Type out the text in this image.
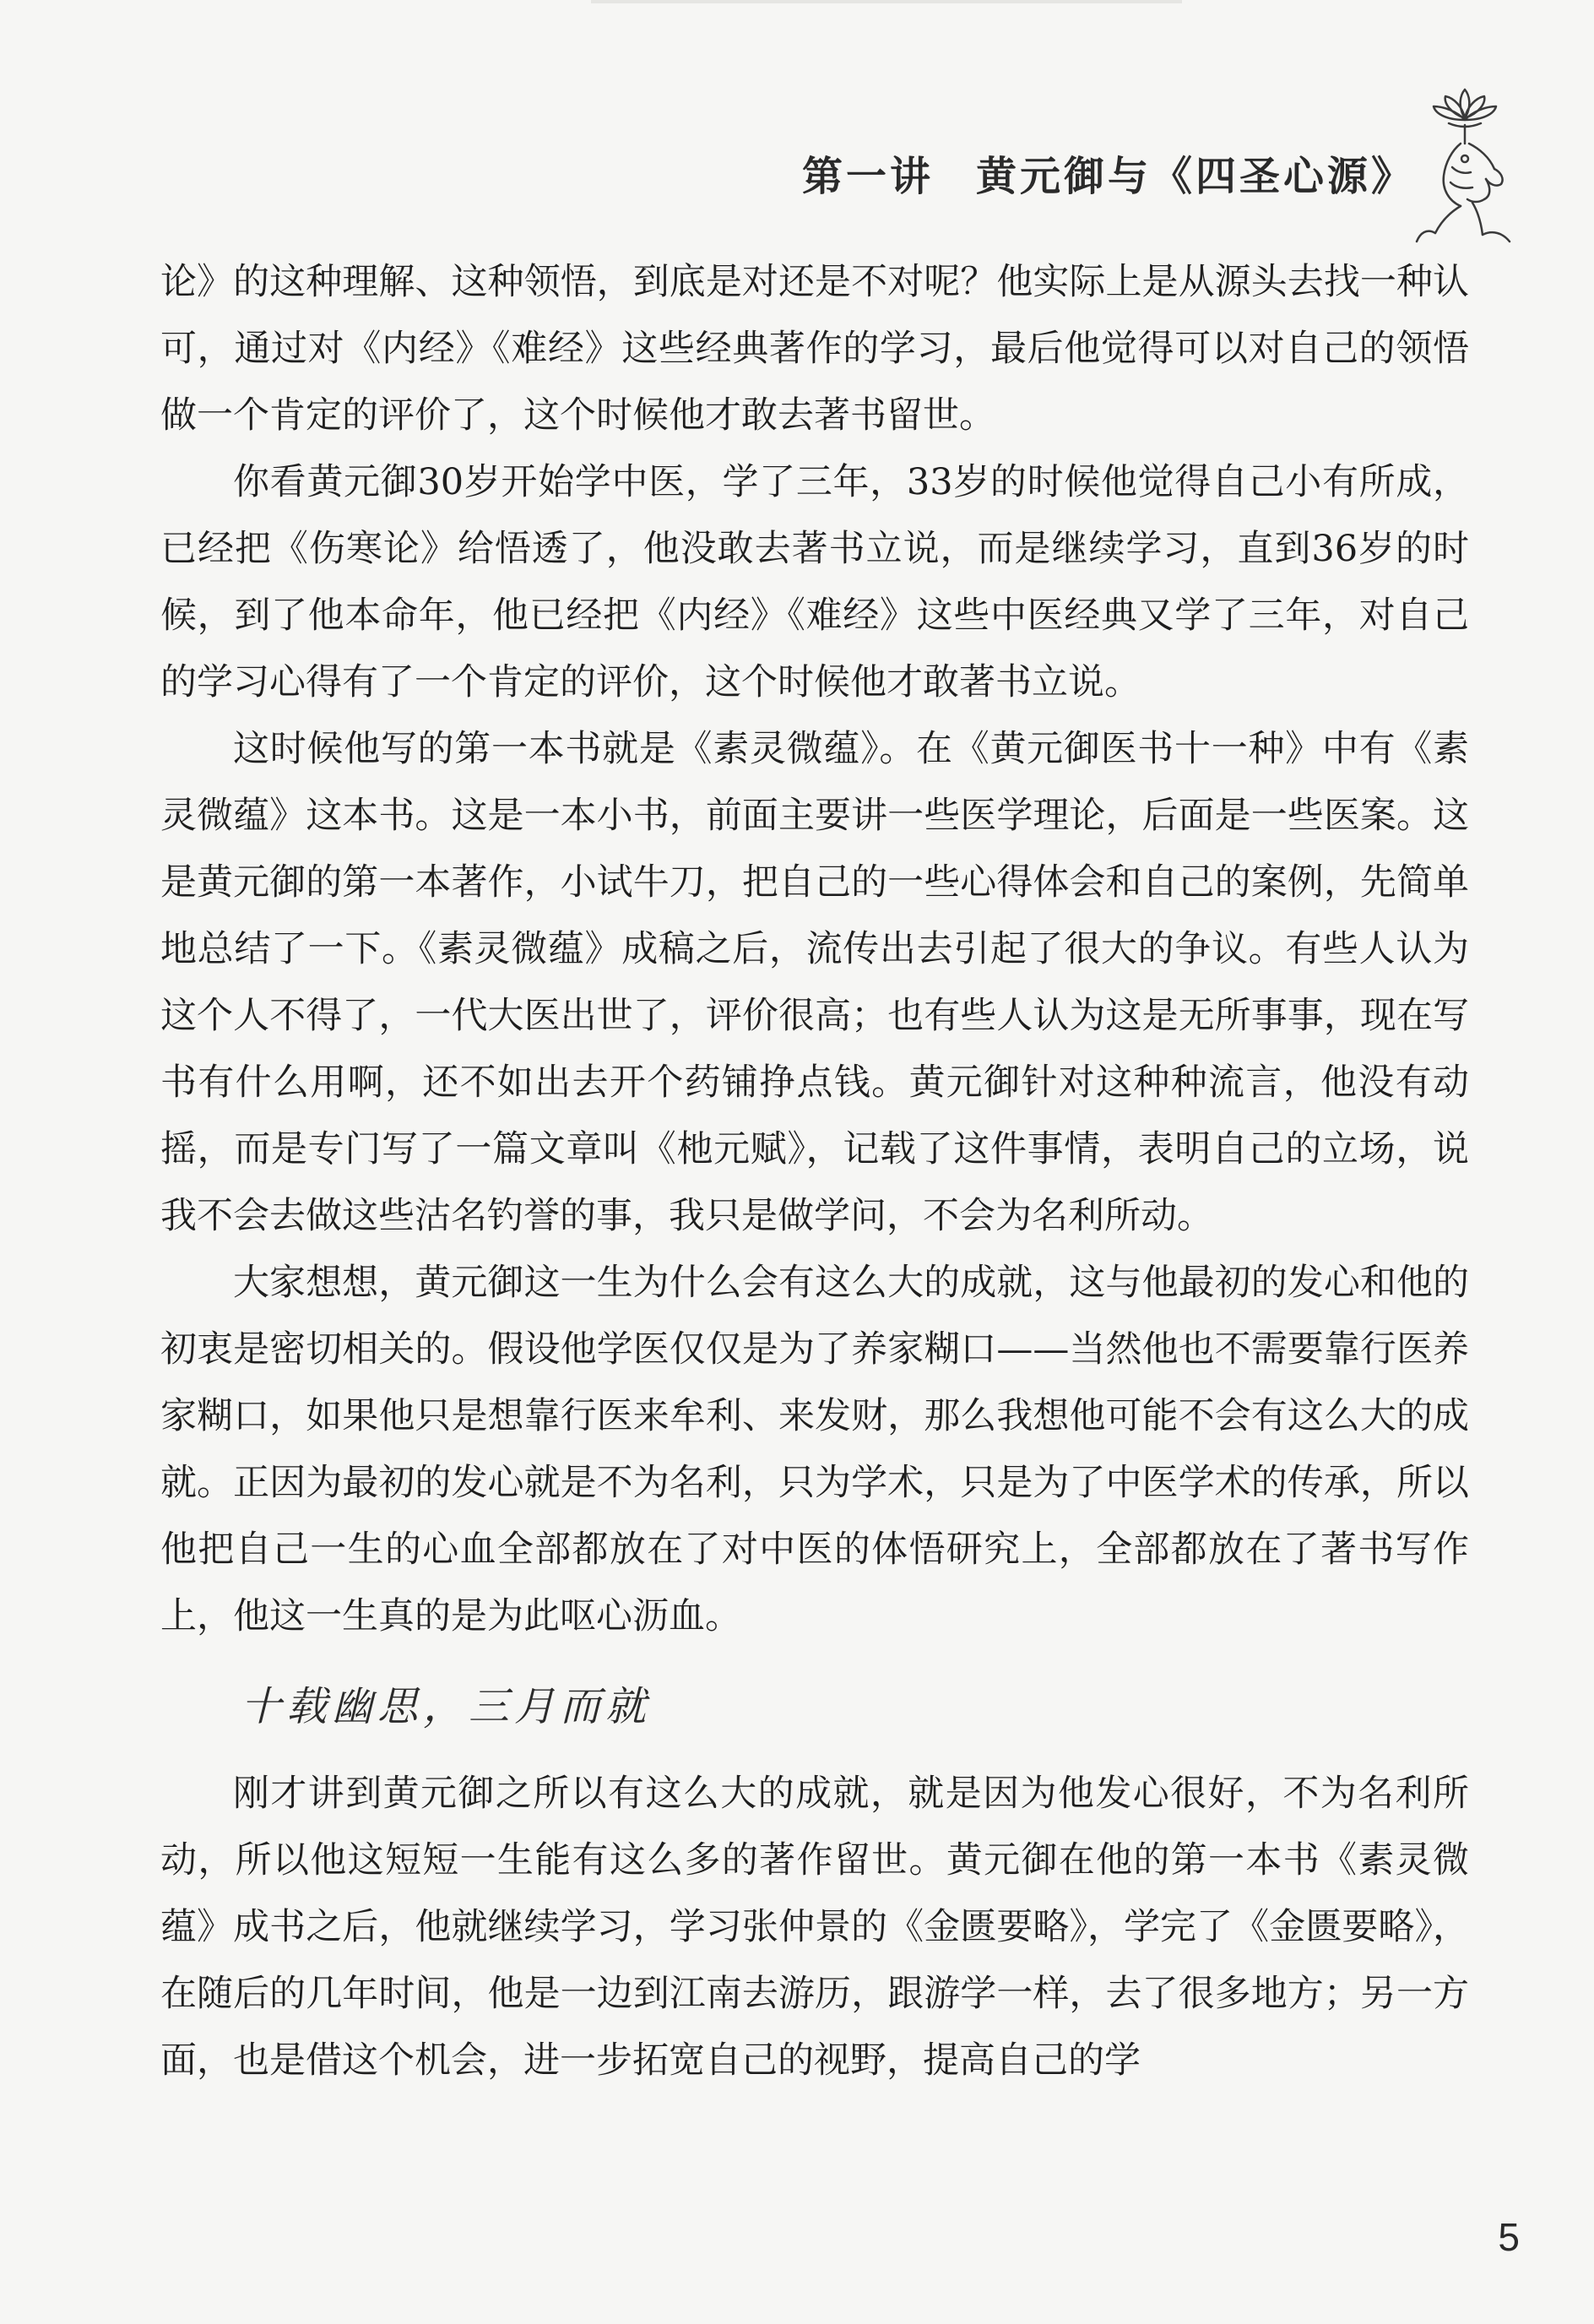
第一讲 黄元御与《四圣心源》

论》的这种理解、这种领悟，到底是对还是不对呢？他实际上是从源头去找一种认可，通过对《内经》《难经》这些经典著作的学习，最后他觉得可以对自己的领悟做一个肯定的评价了，这个时候他才敢去著书留世。

你看黄元御30岁开始学中医，学了三年，33岁的时候他觉得自己小有所成，已经把《伤寒论》给悟透了，他没敢去著书立说，而是继续学习，直到36岁的时候，到了他本命年，他已经把《内经》《难经》这些中医经典又学了三年，对自己的学习心得有了一个肯定的评价，这个时候他才敢著书立说。

这时候他写的第一本书就是《素灵微蕴》。在《黄元御医书十一种》中有《素灵微蕴》这本书。这是一本小书，前面主要讲一些医学理论，后面是一些医案。这是黄元御的第一本著作，小试牛刀，把自己的一些心得体会和自己的案例，先简单地总结了一下。《素灵微蕴》成稿之后，流传出去引起了很大的争议。有些人认为这个人不得了，一代大医出世了，评价很高；也有些人认为这是无所事事，现在写书有什么用啊，还不如出去开个药铺挣点钱。黄元御针对这种种流言，他没有动摇，而是专门写了一篇文章叫《杝元赋》，记载了这件事情，表明自己的立场，说我不会去做这些沽名钓誉的事，我只是做学问，不会为名利所动。

大家想想，黄元御这一生为什么会有这么大的成就，这与他最初的发心和他的初衷是密切相关的。假设他学医仅仅是为了养家糊口——当然他也不需要靠行医养家糊口，如果他只是想靠行医来牟利、来发财，那么我想他可能不会有这么大的成就。正因为最初的发心就是不为名利，只为学术，只是为了中医学术的传承，所以他把自己一生的心血全部都放在了对中医的体悟研究上，全部都放在了著书写作上，他这一生真的是为此呕心沥血。

十载幽思，三月而就

刚才讲到黄元御之所以有这么大的成就，就是因为他发心很好，不为名利所动，所以他这短短一生能有这么多的著作留世。黄元御在他的第一本书《素灵微蕴》成书之后，他就继续学习，学习张仲景的《金匮要略》，学完了《金匮要略》，在随后的几年时间，他是一边到江南去游历，跟游学一样，去了很多地方；另一方面，也是借这个机会，进一步拓宽自己的视野，提高自己的学

5
